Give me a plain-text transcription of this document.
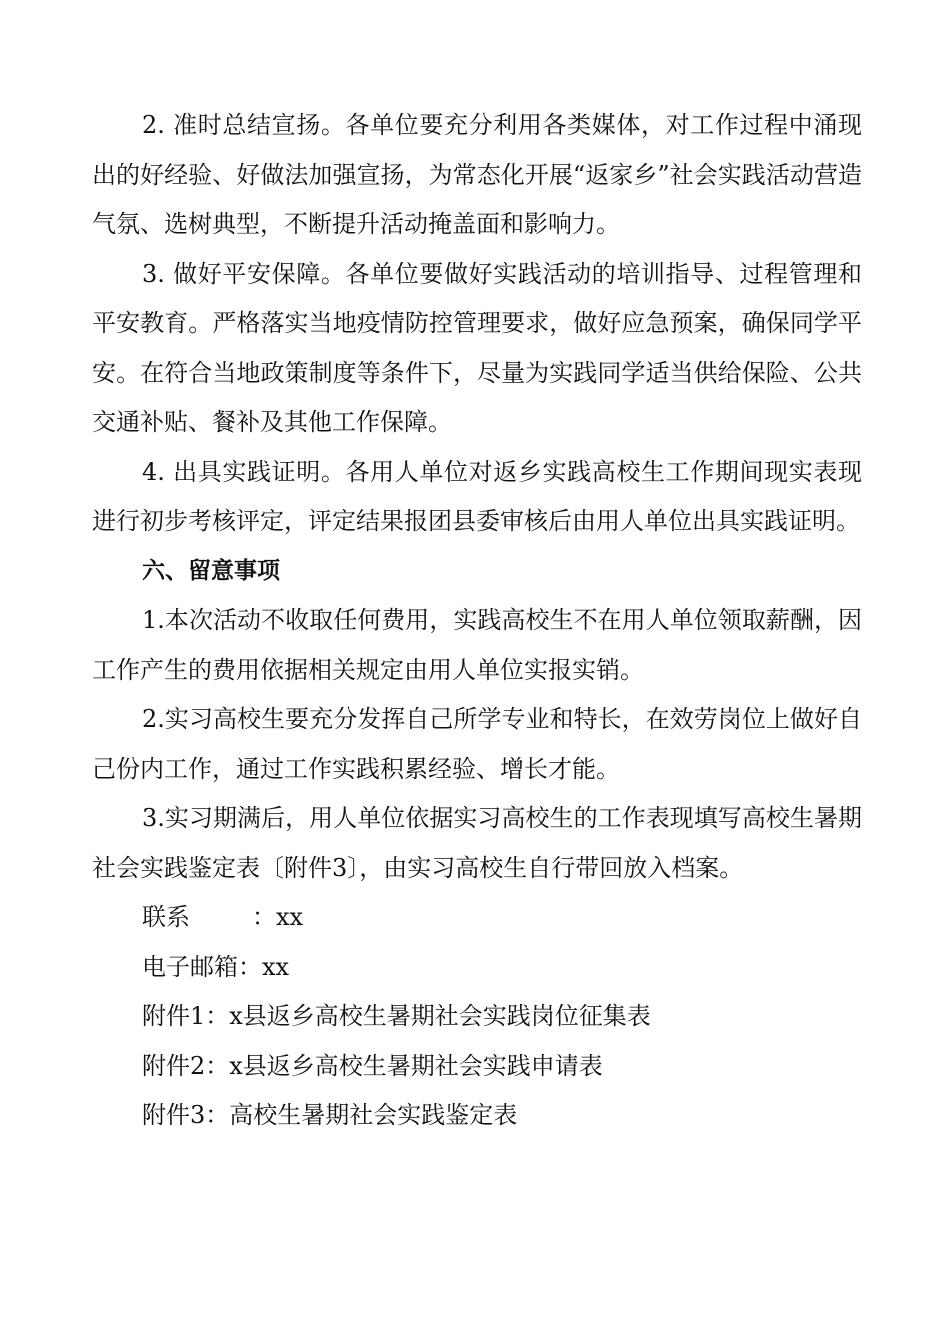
2. 准时总结宣扬。各单位要充分利用各类媒体，对工作过程中涌现出的好经验、好做法加强宣扬，为常态化开展“返家乡”社会实践活动营造气氛、选树典型，不断提升活动掩盖面和影响力。

3. 做好平安保障。各单位要做好实践活动的培训指导、过程管理和平安教育。严格落实当地疫情防控管理要求，做好应急预案，确保同学平安。在符合当地政策制度等条件下，尽量为实践同学适当供给保险、公共交通补贴、餐补及其他工作保障。

4. 出具实践证明。各用人单位对返乡实践高校生工作期间现实表现进行初步考核评定，评定结果报团县委审核后由用人单位出具实践证明。

六、留意事项

1.本次活动不收取任何费用，实践高校生不在用人单位领取薪酬，因工作产生的费用依据相关规定由用人单位实报实销。

2.实习高校生要充分发挥自己所学专业和特长，在效劳岗位上做好自己份内工作，通过工作实践积累经验、增长才能。

3.实习期满后，用人单位依据实习高校生的工作表现填写高校生暑期社会实践鉴定表〔附件3〕，由实习高校生自行带回放入档案。

联系	：xx

电子邮箱：xx

附件1：x县返乡高校生暑期社会实践岗位征集表

附件2：x县返乡高校生暑期社会实践申请表

附件3：高校生暑期社会实践鉴定表
